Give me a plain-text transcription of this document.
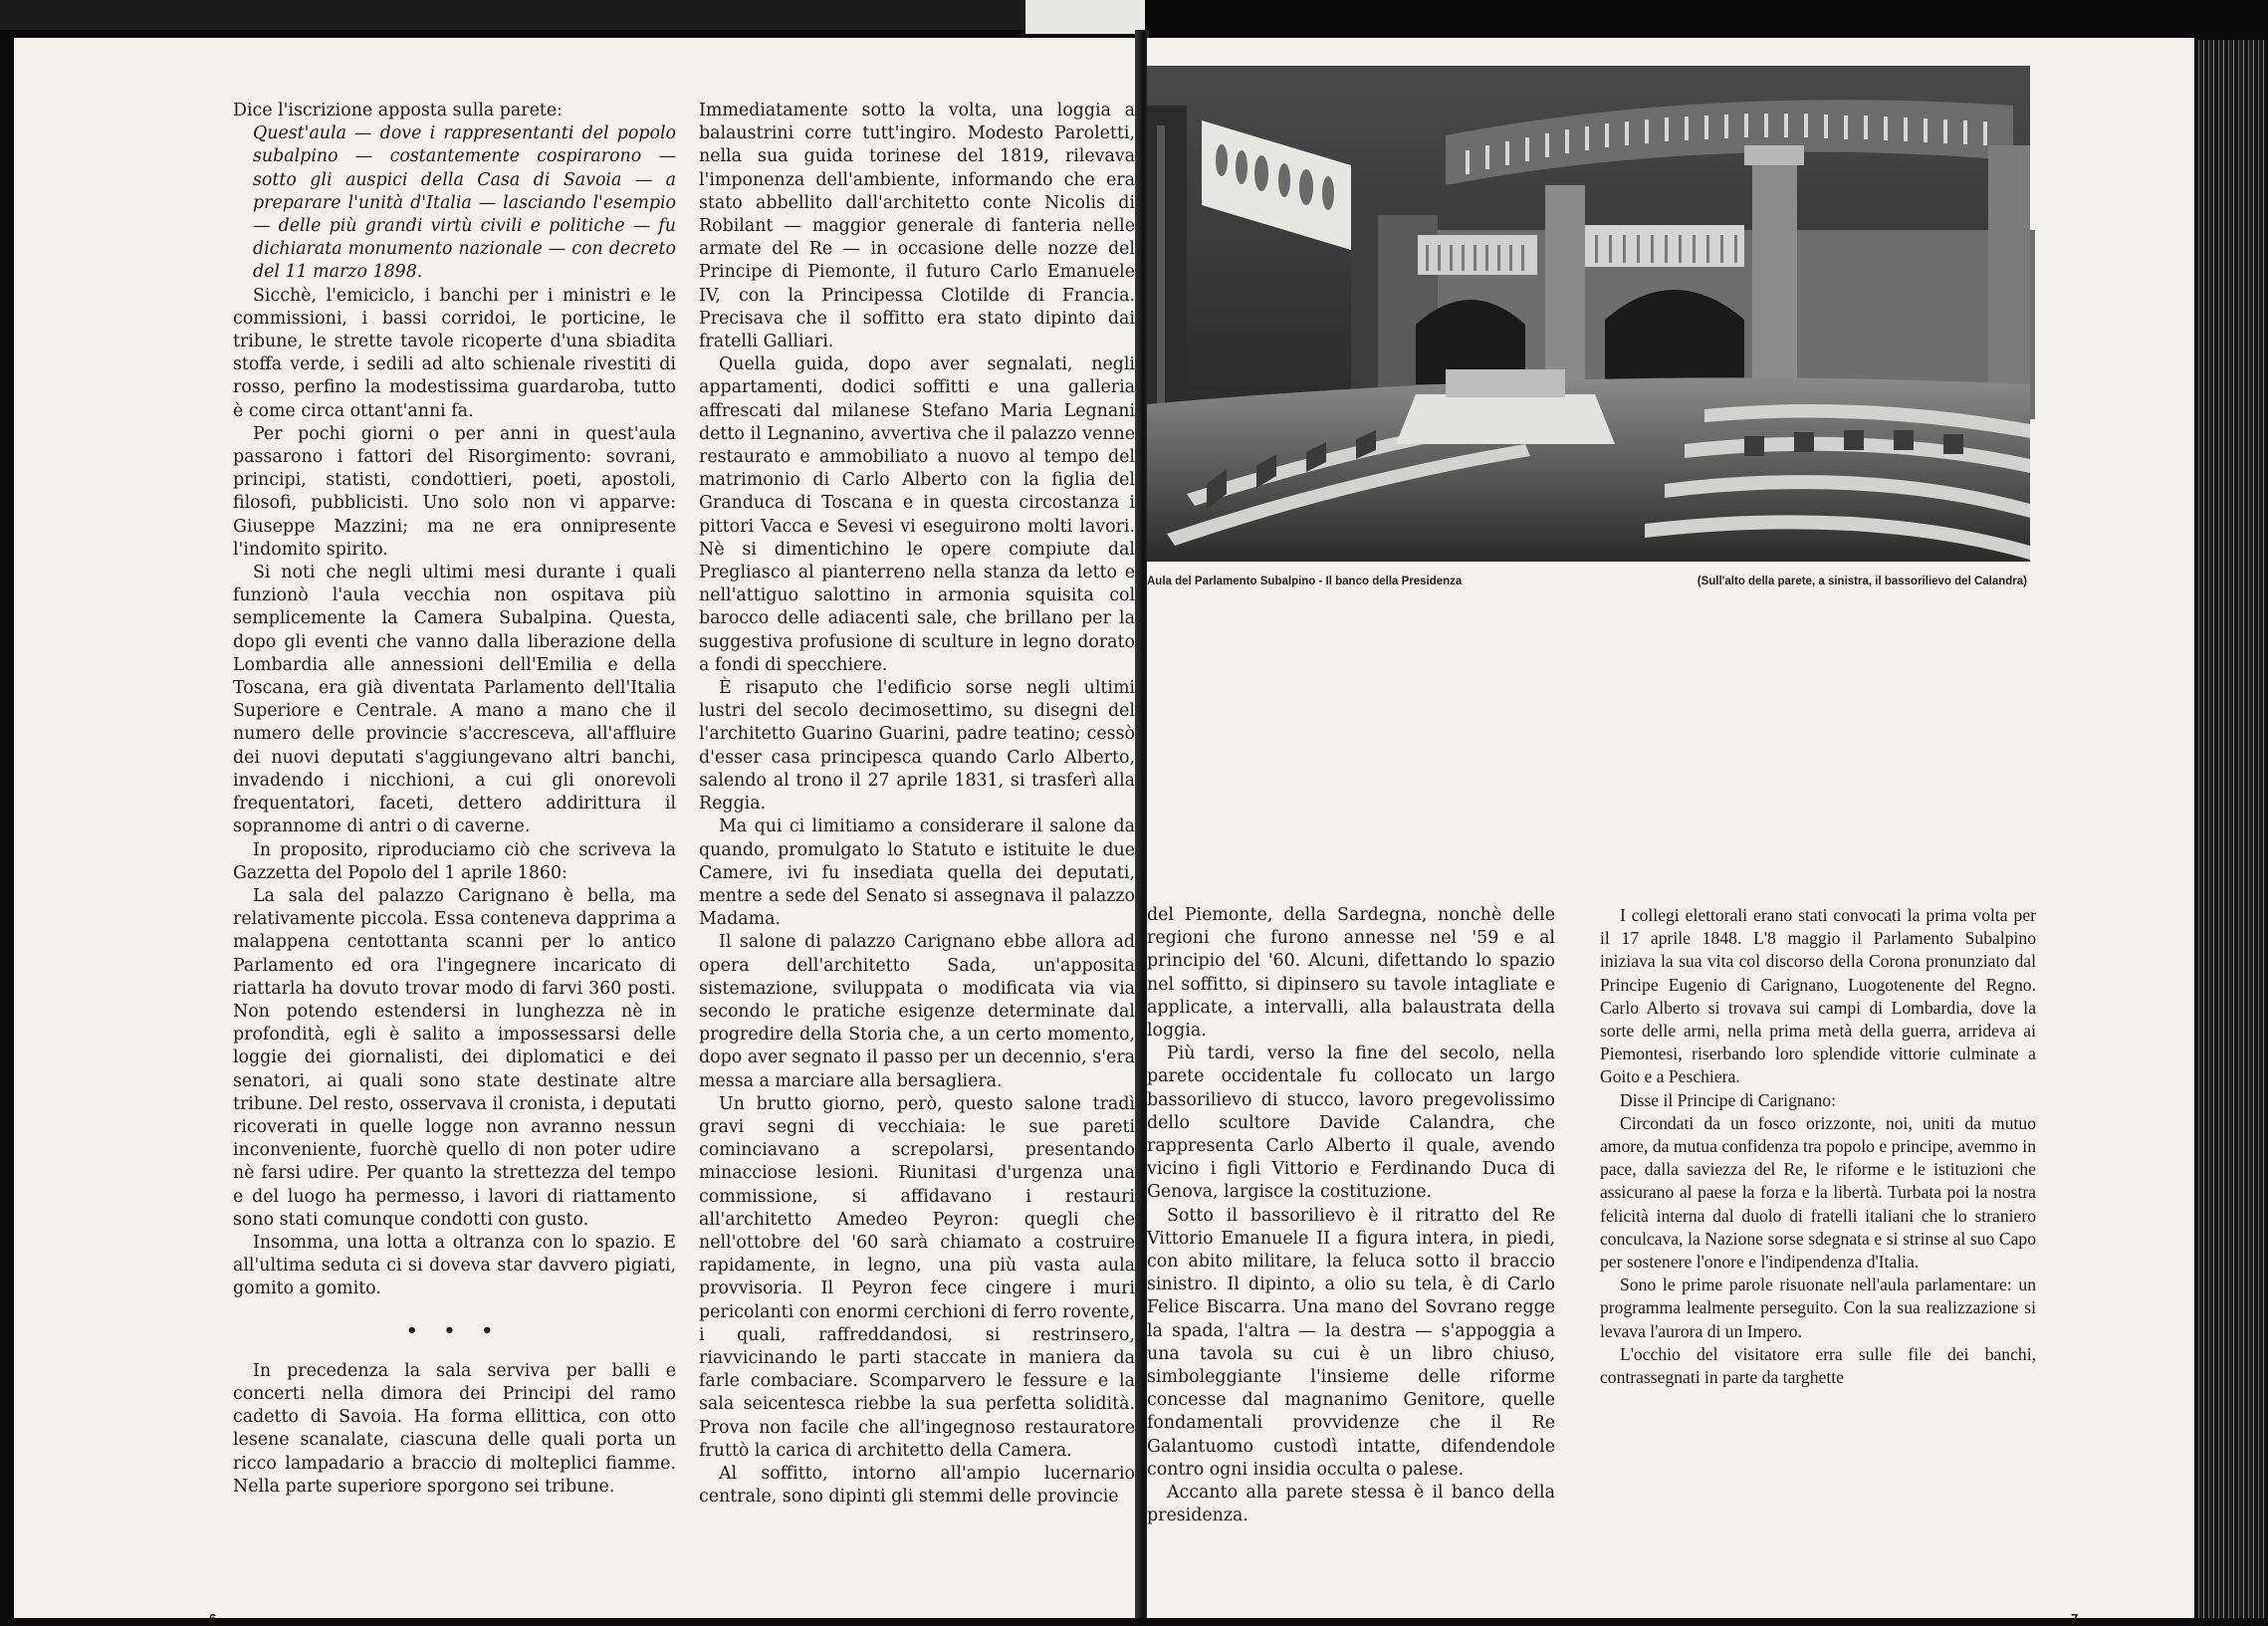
Dice l'iscrizione apposta sulla parete:

Quest'aula — dove i rappresentanti del popolo subalpino — costantemente cospirarono — sotto gli auspici della Casa di Savoia — a preparare l'unità d'Italia — lasciando l'esempio — delle più grandi virtù civili e politiche — fu dichiarata monumento nazionale — con decreto del 11 marzo 1898.

Sicchè, l'emiciclo, i banchi per i ministri e le commissioni, i bassi corridoi, le porticine, le tribune, le strette tavole ricoperte d'una sbiadita stoffa verde, i sedili ad alto schienale rivestiti di rosso, perfino la modestissima guardaroba, tutto è come circa ottant'anni fa.

Per pochi giorni o per anni in quest'aula passarono i fattori del Risorgimento: sovrani, principi, statisti, condottieri, poeti, apostoli, filosofi, pubblicisti. Uno solo non vi apparve: Giuseppe Mazzini; ma ne era onnipresente l'indomito spirito.

Si noti che negli ultimi mesi durante i quali funzionò l'aula vecchia non ospitava più semplicemente la Camera Subalpina. Questa, dopo gli eventi che vanno dalla liberazione della Lombardia alle annessioni dell'Emilia e della Toscana, era già diventata Parlamento dell'Italia Superiore e Centrale. A mano a mano che il numero delle provincie s'accresceva, all'affluire dei nuovi deputati s'aggiungevano altri banchi, invadendo i nicchioni, a cui gli onorevoli frequentatori, faceti, dettero addirittura il soprannome di antri o di caverne.

In proposito, riproduciamo ciò che scriveva la Gazzetta del Popolo del 1 aprile 1860:

La sala del palazzo Carignano è bella, ma relativamente piccola. Essa conteneva dapprima a malappena centottanta scanni per lo antico Parlamento ed ora l'ingegnere incaricato di riattarla ha dovuto trovar modo di farvi 360 posti. Non potendo estendersi in lunghezza nè in profondità, egli è salito a impossessarsi delle loggie dei giornalisti, dei diplomatici e dei senatori, ai quali sono state destinate altre tribune. Del resto, osservava il cronista, i deputati ricoverati in quelle logge non avranno nessun inconveniente, fuorchè quello di non poter udire nè farsi udire. Per quanto la strettezza del tempo e del luogo ha permesso, i lavori di riattamento sono stati comunque condotti con gusto.

Insomma, una lotta a oltranza con lo spazio. E all'ultima seduta ci si doveva star davvero pigiati, gomito a gomito.

• • •

In precedenza la sala serviva per balli e concerti nella dimora dei Principi del ramo cadetto di Savoia. Ha forma ellittica, con otto lesene scanalate, ciascuna delle quali porta un ricco lampadario a braccio di molteplici fiamme. Nella parte superiore sporgono sei tribune.

Immediatamente sotto la volta, una loggia a balaustrini corre tutt'ingiro. Modesto Paroletti, nella sua guida torinese del 1819, rilevava l'imponenza dell'ambiente, informando che era stato abbellito dall'architetto conte Nicolis di Robilant — maggior generale di fanteria nelle armate del Re — in occasione delle nozze del Principe di Piemonte, il futuro Carlo Emanuele IV, con la Principessa Clotilde di Francia. Precisava che il soffitto era stato dipinto dai fratelli Galliari.

Quella guida, dopo aver segnalati, negli appartamenti, dodici soffitti e una galleria affrescati dal milanese Stefano Maria Legnani detto il Legnanino, avvertiva che il palazzo venne restaurato e ammobiliato a nuovo al tempo del matrimonio di Carlo Alberto con la figlia del Granduca di Toscana e in questa circostanza i pittori Vacca e Sevesi vi eseguirono molti lavori. Nè si dimentichino le opere compiute dal Pregliasco al pianterreno nella stanza da letto e nell'attiguo salottino in armonia squisita col barocco delle adiacenti sale, che brillano per la suggestiva profusione di sculture in legno dorato a fondi di specchiere.

È risaputo che l'edificio sorse negli ultimi lustri del secolo decimosettimo, su disegni del l'architetto Guarino Guarini, padre teatino; cessò d'esser casa principesca quando Carlo Alberto, salendo al trono il 27 aprile 1831, si trasferì alla Reggia.

Ma qui ci limitiamo a considerare il salone da quando, promulgato lo Statuto e istituite le due Camere, ivi fu insediata quella dei deputati, mentre a sede del Senato si assegnava il palazzo Madama.

Il salone di palazzo Carignano ebbe allora ad opera dell'architetto Sada, un'apposita sistemazione, sviluppata o modificata via via secondo le pratiche esigenze determinate dal progredire della Storia che, a un certo momento, dopo aver segnato il passo per un decennio, s'era messa a marciare alla bersagliera.

Un brutto giorno, però, questo salone tradì gravi segni di vecchiaia: le sue pareti cominciavano a screpolarsi, presentando minacciose lesioni. Riunitasi d'urgenza una commissione, si affidavano i restauri all'architetto Amedeo Peyron: quegli che nell'ottobre del '60 sarà chiamato a costruire rapidamente, in legno, una più vasta aula provvisoria. Il Peyron fece cingere i muri pericolanti con enormi cerchioni di ferro rovente, i quali, raffreddandosi, si restrinsero, riavvicinando le parti staccate in maniera da farle combaciare. Scomparvero le fessure e la sala seicentesca riebbe la sua perfetta solidità. Prova non facile che all'ingegnoso restauratore fruttò la carica di architetto della Camera.

Al soffitto, intorno all'ampio lucernario centrale, sono dipinti gli stemmi delle provincie

6
Aula del Parlamento Subalpino - Il banco della Presidenza	(Sull'alto della parete, a sinistra, il bassorilievo del Calandra)

del Piemonte, della Sardegna, nonchè delle regioni che furono annesse nel '59 e al principio del '60. Alcuni, difettando lo spazio nel soffitto, si dipinsero su tavole intagliate e applicate, a intervalli, alla balaustrata della loggia.

Più tardi, verso la fine del secolo, nella parete occidentale fu collocato un largo bassorilievo di stucco, lavoro pregevolissimo dello scultore Davide Calandra, che rappresenta Carlo Alberto il quale, avendo vicino i figli Vittorio e Ferdinando Duca di Genova, largisce la costituzione.

Sotto il bassorilievo è il ritratto del Re Vittorio Emanuele II a figura intera, in piedi, con abito militare, la feluca sotto il braccio sinistro. Il dipinto, a olio su tela, è di Carlo Felice Biscarra. Una mano del Sovrano regge la spada, l'altra — la destra — s'appoggia a una tavola su cui è un libro chiuso, simboleggiante l'insieme delle riforme concesse dal magnanimo Genitore, quelle fondamentali provvidenze che il Re Galantuomo custodì intatte, difendendole contro ogni insidia occulta o palese.

Accanto alla parete stessa è il banco della presidenza.

I collegi elettorali erano stati convocati la prima volta per il 17 aprile 1848. L'8 maggio il Parlamento Subalpino iniziava la sua vita col discorso della Corona pronunziato dal Principe Eugenio di Carignano, Luogotenente del Regno. Carlo Alberto si trovava sui campi di Lombardia, dove la sorte delle armi, nella prima metà della guerra, arrideva ai Piemontesi, riserbando loro splendide vittorie culminate a Goito e a Peschiera.

Disse il Principe di Carignano:

Circondati da un fosco orizzonte, noi, uniti da mutuo amore, da mutua confidenza tra popolo e principe, avemmo in pace, dalla saviezza del Re, le riforme e le istituzioni che assicurano al paese la forza e la libertà. Turbata poi la nostra felicità interna dal duolo di fratelli italiani che lo straniero conculcava, la Nazione sorse sdegnata e si strinse al suo Capo per sostenere l'onore e l'indipendenza d'Italia.

Sono le prime parole risuonate nell'aula parlamentare: un programma lealmente perseguito. Con la sua realizzazione si levava l'aurora di un Impero.

L'occhio del visitatore erra sulle file dei banchi, contrassegnati in parte da targhette

7
